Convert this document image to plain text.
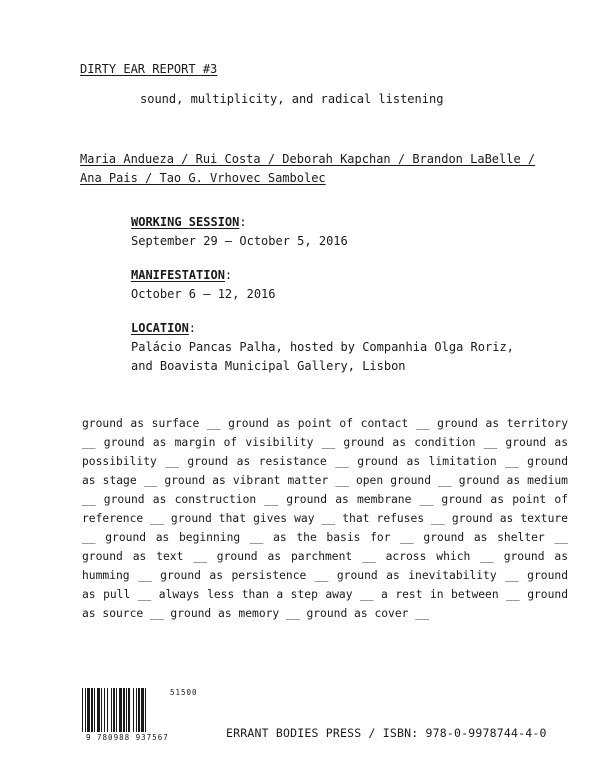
DIRTY EAR REPORT #3
sound, multiplicity, and radical listening
Maria Andueza / Rui Costa / Deborah Kapchan / Brandon LaBelle /
Ana Pais / Tao G. Vrhovec Sambolec
WORKING SESSION:
September 29 – October 5, 2016
MANIFESTATION:
October 6 – 12, 2016
LOCATION:
Palácio Pancas Palha, hosted by Companhia Olga Roriz,
and Boavista Municipal Gallery, Lisbon
ground as surface __ ground as point of contact __ ground as territory __ ground as margin of visibility __ ground as condition __ ground as possibility __ ground as resistance __ ground as limitation __ ground as stage __ ground as vibrant matter __ open ground __ ground as medium __ ground as construction __ ground as membrane __ ground as point of reference __ ground that gives way __ that refuses __ ground as texture __ ground as beginning __ as the basis for __ ground as shelter __ ground as text __ ground as parchment __ across which __ ground as humming __ ground as persistence __ ground as inevitability __ ground as pull __ always less than a step away __ a rest in between __ ground as source __ ground as memory __ ground as cover __
51500
9 780988 937567	ERRANT BODIES PRESS / ISBN: 978-0-9978744-4-0
